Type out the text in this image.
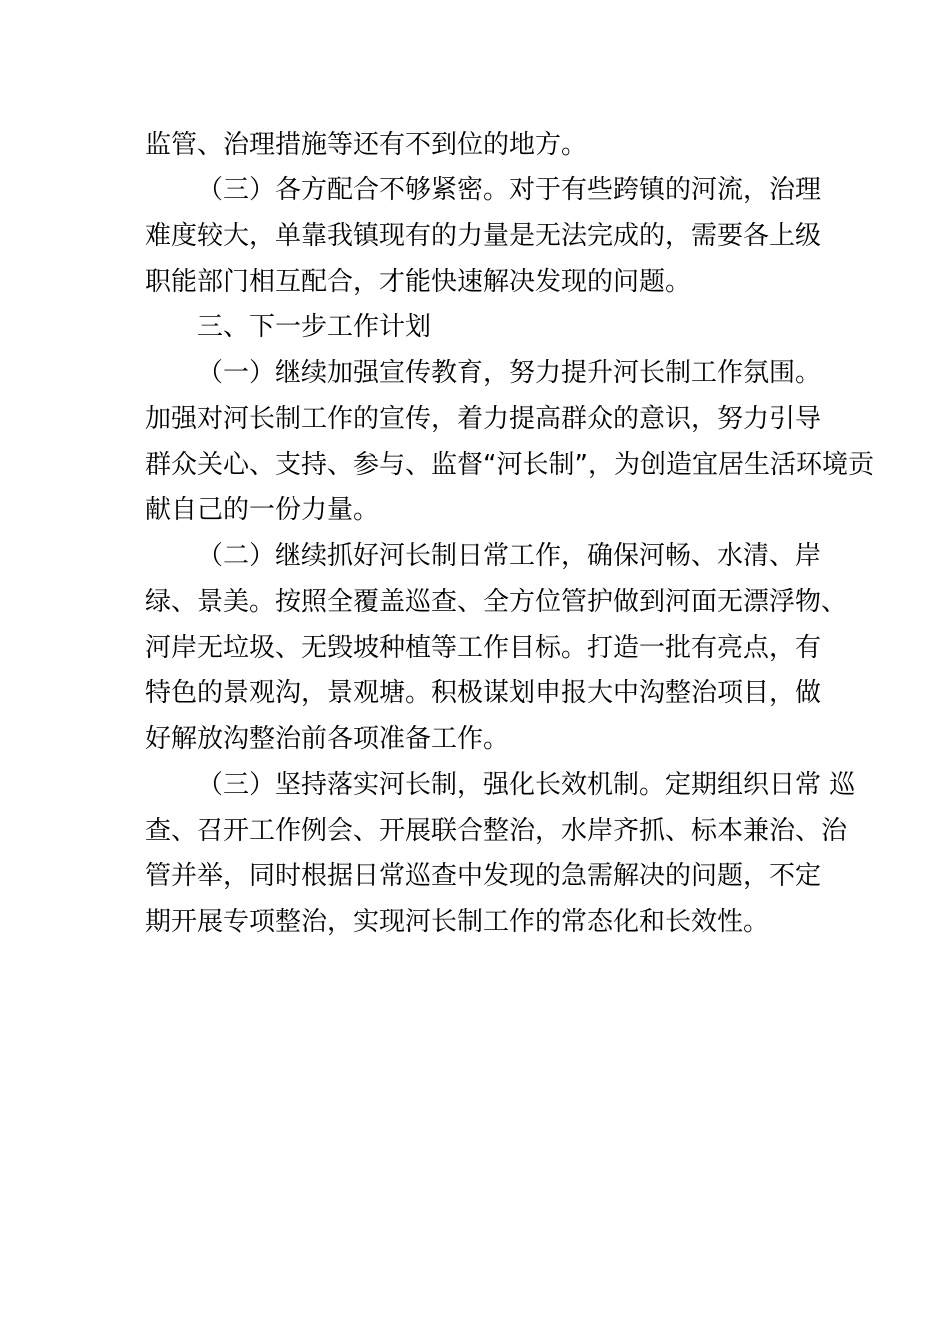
监管、治理措施等还有不到位的地方。
（三）各方配合不够紧密。对于有些跨镇的河流，治理
难度较大，单靠我镇现有的力量是无法完成的，需要各上级
职能部门相互配合，才能快速解决发现的问题。
三、下一步工作计划
（一）继续加强宣传教育，努力提升河长制工作氛围。
加强对河长制工作的宣传，着力提高群众的意识，努力引导
群众关心、支持、参与、监督“河长制”，为创造宜居生活环境贡
献自己的一份力量。
（二）继续抓好河长制日常工作，确保河畅、水清、岸
绿、景美。按照全覆盖巡查、全方位管护做到河面无漂浮物、
河岸无垃圾、无毁坡种植等工作目标。打造一批有亮点，有
特色的景观沟，景观塘。积极谋划申报大中沟整治项目，做
好解放沟整治前各项准备工作。
（三）坚持落实河长制，强化长效机制。定期组织日常 巡
查、召开工作例会、开展联合整治，水岸齐抓、标本兼治、治
管并举，同时根据日常巡查中发现的急需解决的问题，不定
期开展专项整治，实现河长制工作的常态化和长效性。
